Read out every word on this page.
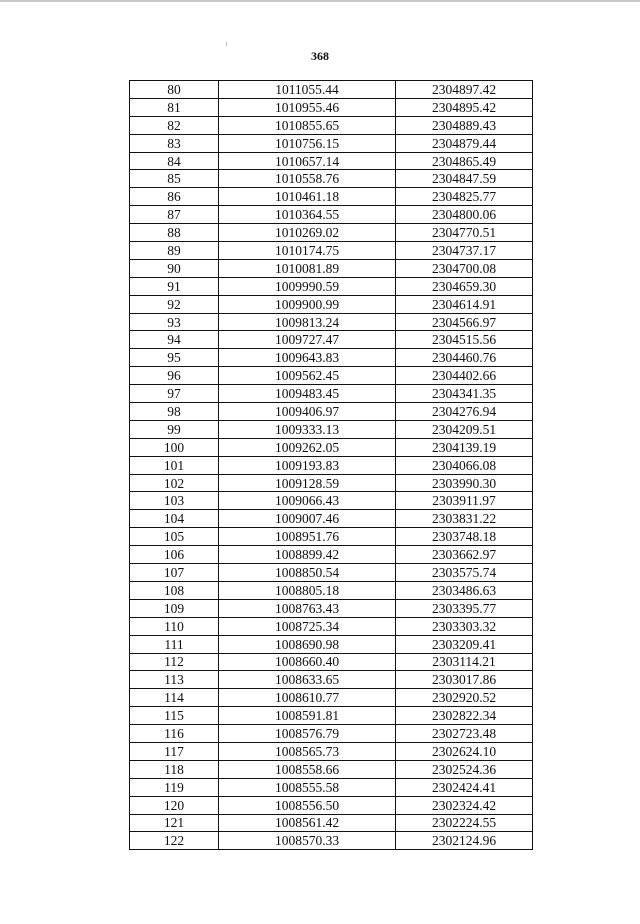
368
80	1011055.44	2304897.42
81	1010955.46	2304895.42
82	1010855.65	2304889.43
83	1010756.15	2304879.44
84	1010657.14	2304865.49
85	1010558.76	2304847.59
86	1010461.18	2304825.77
87	1010364.55	2304800.06
88	1010269.02	2304770.51
89	1010174.75	2304737.17
90	1010081.89	2304700.08
91	1009990.59	2304659.30
92	1009900.99	2304614.91
93	1009813.24	2304566.97
94	1009727.47	2304515.56
95	1009643.83	2304460.76
96	1009562.45	2304402.66
97	1009483.45	2304341.35
98	1009406.97	2304276.94
99	1009333.13	2304209.51
100	1009262.05	2304139.19
101	1009193.83	2304066.08
102	1009128.59	2303990.30
103	1009066.43	2303911.97
104	1009007.46	2303831.22
105	1008951.76	2303748.18
106	1008899.42	2303662.97
107	1008850.54	2303575.74
108	1008805.18	2303486.63
109	1008763.43	2303395.77
110	1008725.34	2303303.32
111	1008690.98	2303209.41
112	1008660.40	2303114.21
113	1008633.65	2303017.86
114	1008610.77	2302920.52
115	1008591.81	2302822.34
116	1008576.79	2302723.48
117	1008565.73	2302624.10
118	1008558.66	2302524.36
119	1008555.58	2302424.41
120	1008556.50	2302324.42
121	1008561.42	2302224.55
122	1008570.33	2302124.96
